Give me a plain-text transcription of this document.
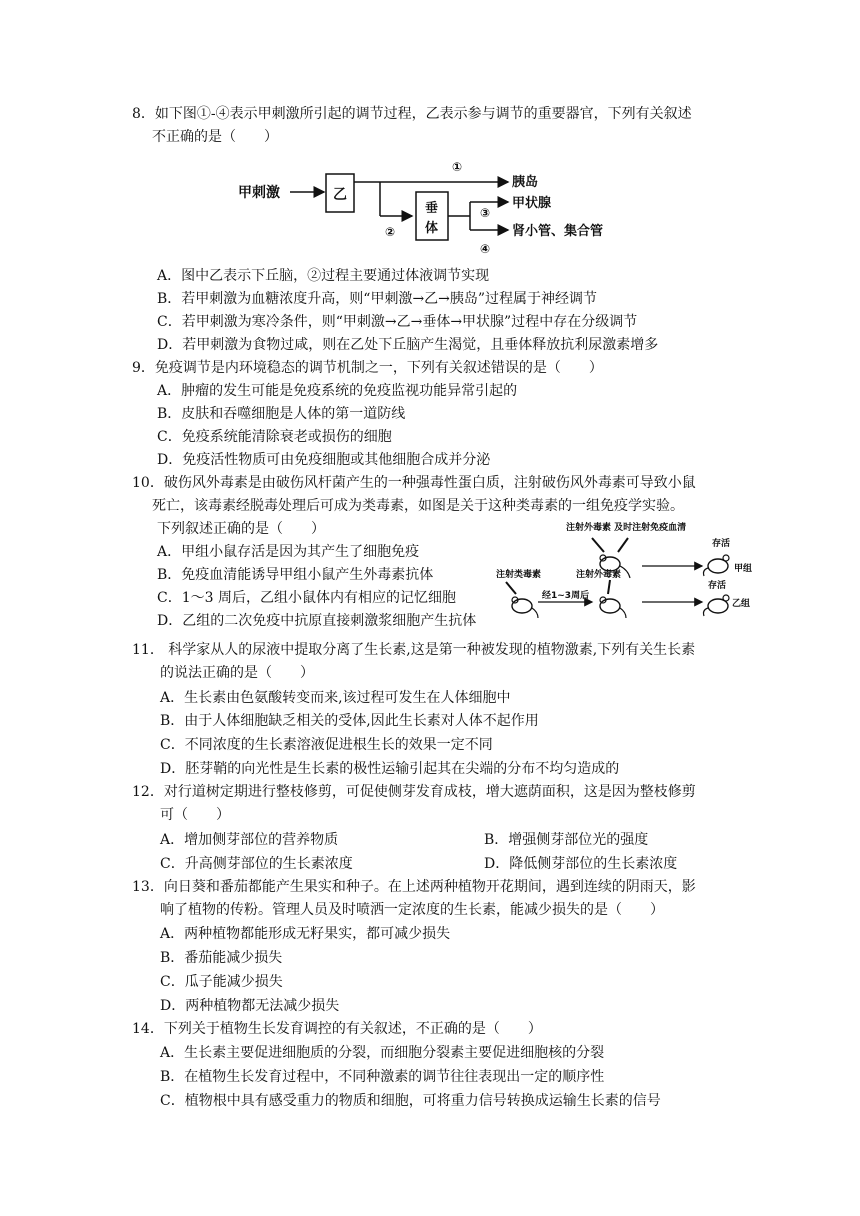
8．如下图①-④表示甲刺激所引起的调节过程，乙表示参与调节的重要器官，下列有关叙述
不正确的是（　　）
甲刺激	乙
①
胰岛
②
垂
体
甲状腺
③
肾小管、集合管
④
A．图中乙表示下丘脑，②过程主要通过体液调节实现
B．若甲刺激为血糖浓度升高，则“甲刺激→乙→胰岛”过程属于神经调节
C．若甲刺激为寒冷条件，则“甲刺激→乙→垂体→甲状腺”过程中存在分级调节
D．若甲刺激为食物过咸，则在乙处下丘脑产生渴觉，且垂体释放抗利尿激素增多
9．免疫调节是内环境稳态的调节机制之一，下列有关叙述错误的是（　　）
A．肿瘤的发生可能是免疫系统的免疫监视功能异常引起的
B．皮肤和吞噬细胞是人体的第一道防线
C．免疫系统能清除衰老或损伤的细胞
D．免疫活性物质可由免疫细胞或其他细胞合成并分泌
10．破伤风外毒素是由破伤风杆菌产生的一种强毒性蛋白质，注射破伤风外毒素可导致小鼠
死亡，该毒素经脱毒处理后可成为类毒素，如图是关于这种类毒素的一组免疫学实验。
下列叙述正确的是（　　）
A．甲组小鼠存活是因为其产生了细胞免疫
B．免疫血清能诱导甲组小鼠产生外毒素抗体
C．1～3 周后，乙组小鼠体内有相应的记忆细胞
D．乙组的二次免疫中抗原直接刺激浆细胞产生抗体
注射外毒素 及时注射免疫血清
存活
甲组
注射类毒素
经1~3周后
注射外毒素
存活
乙组
11． 科学家从人的尿液中提取分离了生长素,这是第一种被发现的植物激素,下列有关生长素
的说法正确的是（　　）
A．生长素由色氨酸转变而来,该过程可发生在人体细胞中
B．由于人体细胞缺乏相关的受体,因此生长素对人体不起作用
C．不同浓度的生长素溶液促进根生长的效果一定不同
D．胚芽鞘的向光性是生长素的极性运输引起其在尖端的分布不均匀造成的
12．对行道树定期进行整枝修剪，可促使侧芽发育成枝，增大遮荫面积，这是因为整枝修剪
可（　　）
A．增加侧芽部位的营养物质	B．增强侧芽部位光的强度
C．升高侧芽部位的生长素浓度	D．降低侧芽部位的生长素浓度
13．向日葵和番茄都能产生果实和种子。在上述两种植物开花期间，遇到连续的阴雨天，影
响了植物的传粉。管理人员及时喷洒一定浓度的生长素，能减少损失的是（　　）
A．两种植物都能形成无籽果实，都可减少损失
B．番茄能减少损失
C．瓜子能减少损失
D．两种植物都无法减少损失
14．下列关于植物生长发育调控的有关叙述，不正确的是（　　）
A．生长素主要促进细胞质的分裂，而细胞分裂素主要促进细胞核的分裂
B．在植物生长发育过程中，不同种激素的调节往往表现出一定的顺序性
C．植物根中具有感受重力的物质和细胞，可将重力信号转换成运输生长素的信号
